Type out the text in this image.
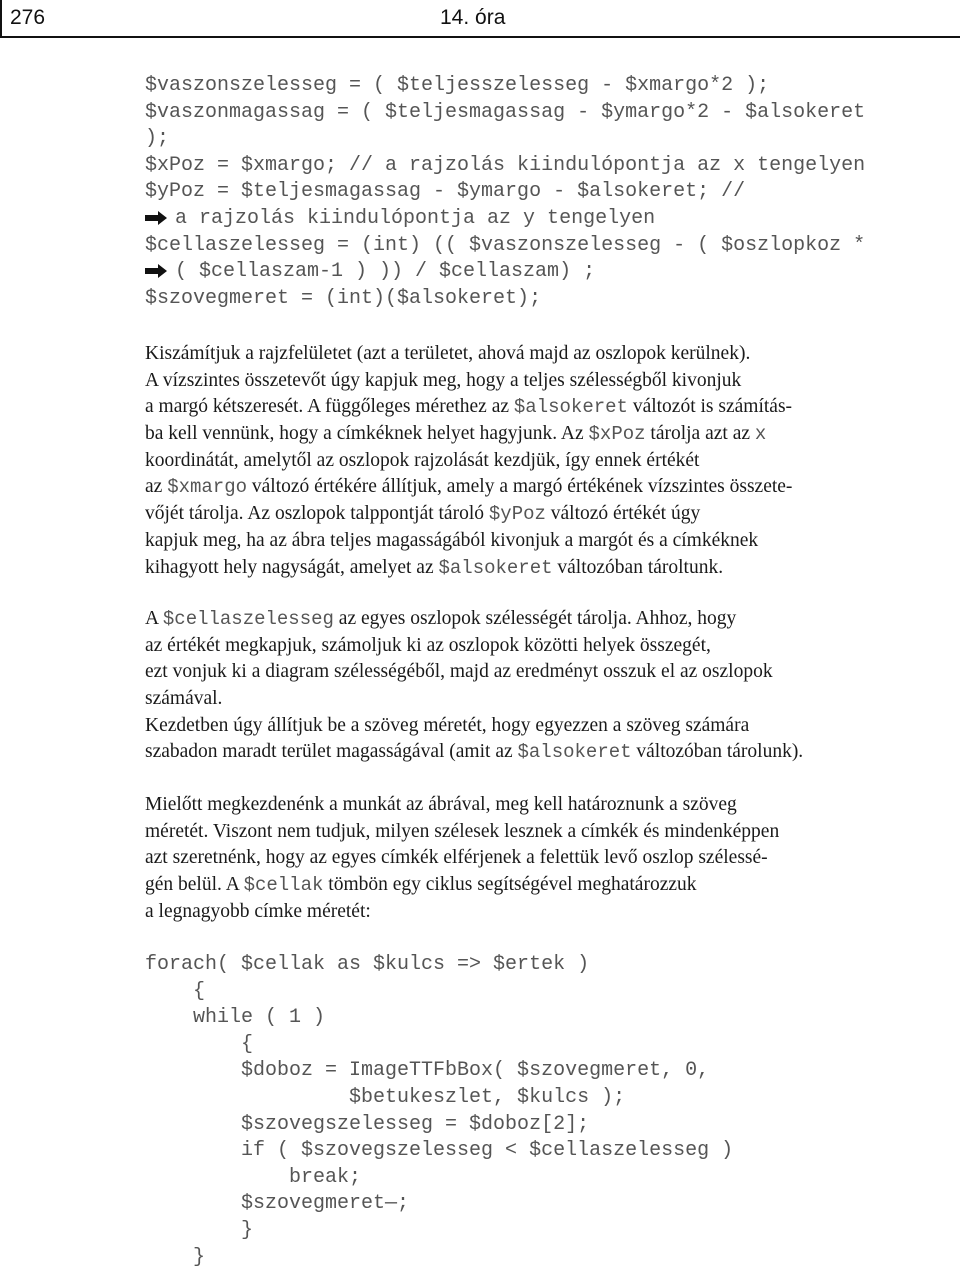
276	14. óra
$vaszonszelesseg = ( $teljesszelesseg - $xmargo*2 );
$vaszonmagassag = ( $teljesmagassag - $ymargo*2 - $alsokeret
);
$xPoz = $xmargo; // a rajzolás kiindulópontja az x tengelyen
$yPoz = $teljesmagassag - $ymargo - $alsokeret; //
a rajzolás kiindulópontja az y tengelyen
$cellaszelesseg = (int) (( $vaszonszelesseg - ( $oszlopkoz *
( $cellaszam-1 ) )) / $cellaszam) ;
$szovegmeret = (int)($alsokeret);
Kiszámítjuk a rajzfelületet (azt a területet, ahová majd az oszlopok kerülnek).
A vízszintes összetevőt úgy kapjuk meg, hogy a teljes szélességből kivonjuk
a margó kétszeresét. A függőleges mérethez az $alsokeret változót is számítás-
ba kell vennünk, hogy a címkéknek helyet hagyjunk. Az $xPoz tárolja azt az x
koordinátát, amelytől az oszlopok rajzolását kezdjük, így ennek értékét
az $xmargo változó értékére állítjuk, amely a margó értékének vízszintes összete-
vőjét tárolja. Az oszlopok talppontját tároló $yPoz változó értékét úgy
kapjuk meg, ha az ábra teljes magasságából kivonjuk a margót és a címkéknek
kihagyott hely nagyságát, amelyet az $alsokeret változóban tároltunk.
A $cellaszelesseg az egyes oszlopok szélességét tárolja. Ahhoz, hogy
az értékét megkapjuk, számoljuk ki az oszlopok közötti helyek összegét,
ezt vonjuk ki a diagram szélességéből, majd az eredményt osszuk el az oszlopok
számával.
Kezdetben úgy állítjuk be a szöveg méretét, hogy egyezzen a szöveg számára
szabadon maradt terület magasságával (amit az $alsokeret változóban tárolunk).
Mielőtt megkezdenénk a munkát az ábrával, meg kell határoznunk a szöveg
méretét. Viszont nem tudjuk, milyen szélesek lesznek a címkék és mindenképpen
azt szeretnénk, hogy az egyes címkék elférjenek a felettük levő oszlop szélessé-
gén belül. A $cellak tömbön egy ciklus segítségével meghatározzuk
a legnagyobb címke méretét:
forach( $cellak as $kulcs => $ertek )
{
while ( 1 )
{
$doboz = ImageTTFbBox( $szovegmeret, 0,
$betukeszlet, $kulcs );
$szovegszelesseg = $doboz[2];
if ( $szovegszelesseg < $cellaszelesseg )
break;
$szovegmeret—;
}
}
